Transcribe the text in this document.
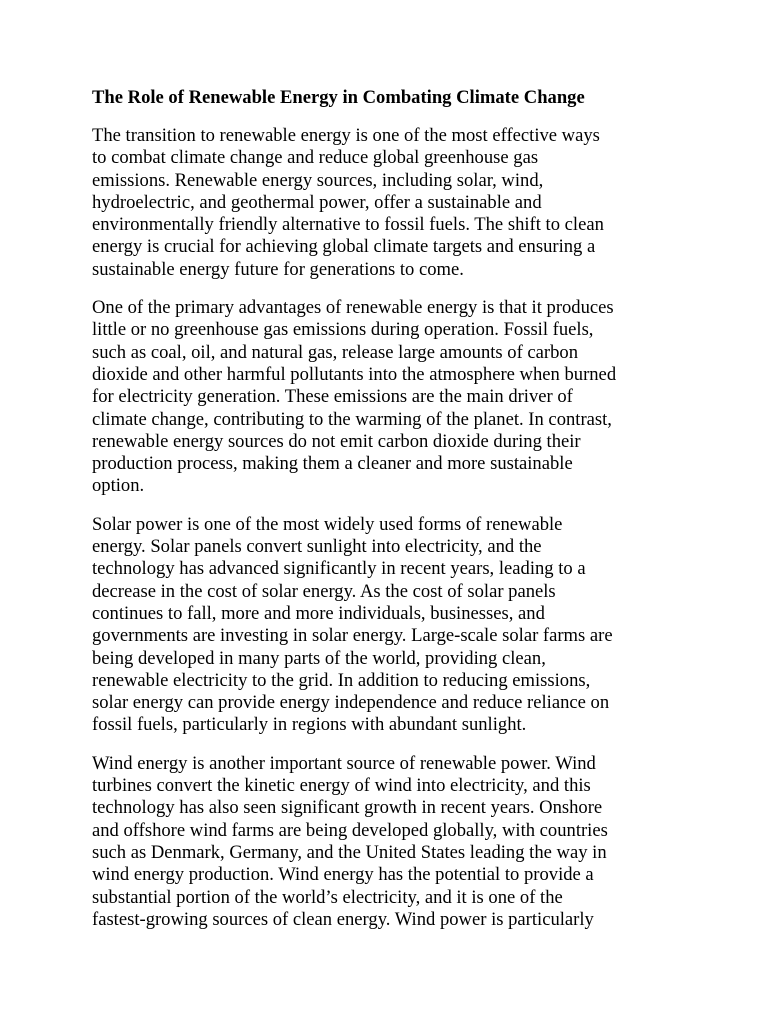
The Role of Renewable Energy in Combating Climate Change

The transition to renewable energy is one of the most effective ways
to combat climate change and reduce global greenhouse gas
emissions. Renewable energy sources, including solar, wind,
hydroelectric, and geothermal power, offer a sustainable and
environmentally friendly alternative to fossil fuels. The shift to clean
energy is crucial for achieving global climate targets and ensuring a
sustainable energy future for generations to come.

One of the primary advantages of renewable energy is that it produces
little or no greenhouse gas emissions during operation. Fossil fuels,
such as coal, oil, and natural gas, release large amounts of carbon
dioxide and other harmful pollutants into the atmosphere when burned
for electricity generation. These emissions are the main driver of
climate change, contributing to the warming of the planet. In contrast,
renewable energy sources do not emit carbon dioxide during their
production process, making them a cleaner and more sustainable
option.

Solar power is one of the most widely used forms of renewable
energy. Solar panels convert sunlight into electricity, and the
technology has advanced significantly in recent years, leading to a
decrease in the cost of solar energy. As the cost of solar panels
continues to fall, more and more individuals, businesses, and
governments are investing in solar energy. Large-scale solar farms are
being developed in many parts of the world, providing clean,
renewable electricity to the grid. In addition to reducing emissions,
solar energy can provide energy independence and reduce reliance on
fossil fuels, particularly in regions with abundant sunlight.

Wind energy is another important source of renewable power. Wind
turbines convert the kinetic energy of wind into electricity, and this
technology has also seen significant growth in recent years. Onshore
and offshore wind farms are being developed globally, with countries
such as Denmark, Germany, and the United States leading the way in
wind energy production. Wind energy has the potential to provide a
substantial portion of the world’s electricity, and it is one of the
fastest-growing sources of clean energy. Wind power is particularly
